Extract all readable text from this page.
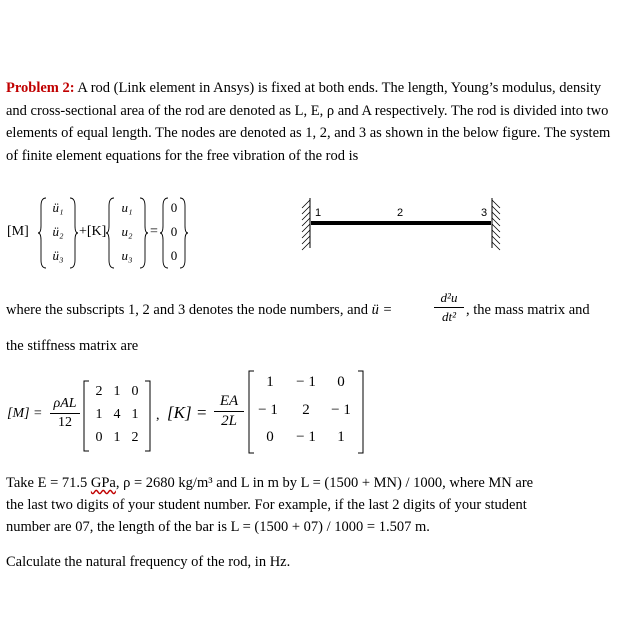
Problem 2: A rod (Link element in Ansys) is fixed at both ends. The length, Young’s modulus, density and cross-sectional area of the rod are denoted as L, E, ρ and A respectively. The rod is divided into two elements of equal length. The nodes are denoted as 1, 2, and 3 as shown in the below figure. The system of finite element equations for the free vibration of the rod is
[M]
ü₁
ü₂
ü₃
+[K]
u₁
u₂
u₃
=
0
0
0
1	2	3
where the subscripts 1, 2 and 3 denotes the node numbers, and ü =
d²u
dt² , the mass matrix and
the stiffness matrix are
[M] =
ρAL
12
2 1 0
1 4 1
0 1 2
, [K] =
EA
2L
1	− 1	0
− 1	2	− 1
0	− 1	1
Take E = 71.5 GPa, ρ = 2680 kg/m³ and L in m by L = (1500 + MN) / 1000, where MN are
the last two digits of your student number. For example, if the last 2 digits of your student
number are 07, the length of the bar is L = (1500 + 07) / 1000 = 1.507 m.
Calculate the natural frequency of the rod, in Hz.
